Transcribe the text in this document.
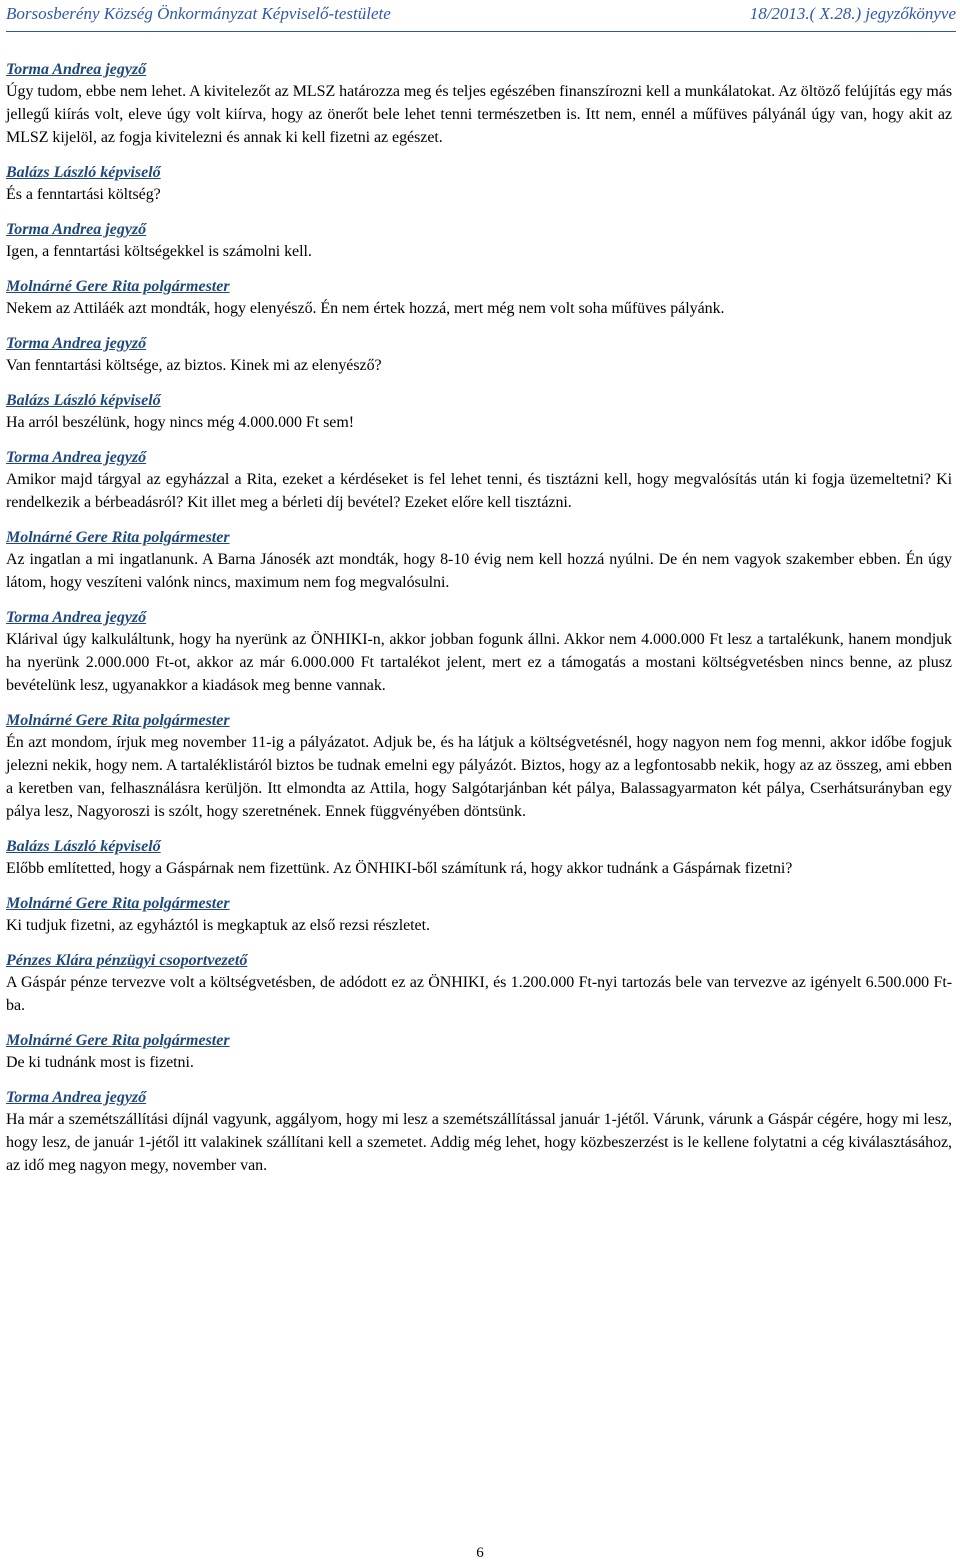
Borsosberény Község Önkormányzat Képviselő-testülete	18/2013.( X.28.) jegyzőkönyve
Torma Andrea jegyző

Úgy tudom, ebbe nem lehet. A kivitelezőt az MLSZ határozza meg és teljes egészében finanszírozni kell a munkálatokat. Az öltöző felújítás egy más jellegű kiírás volt, eleve úgy volt kiírva, hogy az önerőt bele lehet tenni természetben is. Itt nem, ennél a műfüves pályánál úgy van, hogy akit az MLSZ kijelöl, az fogja kivitelezni és annak ki kell fizetni az egészet.

Balázs László képviselő

És a fenntartási költség?

Torma Andrea jegyző

Igen, a fenntartási költségekkel is számolni kell.

Molnárné Gere Rita polgármester

Nekem az Attiláék azt mondták, hogy elenyésző. Én nem értek hozzá, mert még nem volt soha műfüves pályánk.

Torma Andrea jegyző

Van fenntartási költsége, az biztos. Kinek mi az elenyésző?

Balázs László képviselő

Ha arról beszélünk, hogy nincs még 4.000.000 Ft sem!

Torma Andrea jegyző

Amikor majd tárgyal az egyházzal a Rita, ezeket a kérdéseket is fel lehet tenni, és tisztázni kell, hogy megvalósítás után ki fogja üzemeltetni? Ki rendelkezik a bérbeadásról? Kit illet meg a bérleti díj bevétel? Ezeket előre kell tisztázni.

Molnárné Gere Rita polgármester

Az ingatlan a mi ingatlanunk. A Barna Jánosék azt mondták, hogy 8-10 évig nem kell hozzá nyúlni. De én nem vagyok szakember ebben. Én úgy látom, hogy veszíteni valónk nincs, maximum nem fog megvalósulni.

Torma Andrea jegyző

Klárival úgy kalkuláltunk, hogy ha nyerünk az ÖNHIKI-n, akkor jobban fogunk állni. Akkor nem 4.000.000 Ft lesz a tartalékunk, hanem mondjuk ha nyerünk 2.000.000 Ft-ot, akkor az már 6.000.000 Ft tartalékot jelent, mert ez a támogatás a mostani költségvetésben nincs benne, az plusz bevételünk lesz, ugyanakkor a kiadások meg benne vannak.

Molnárné Gere Rita polgármester

Én azt mondom, írjuk meg november 11-ig a pályázatot. Adjuk be, és ha látjuk a költségvetésnél, hogy nagyon nem fog menni, akkor időbe fogjuk jelezni nekik, hogy nem. A tartaléklistáról biztos be tudnak emelni egy pályázót. Biztos, hogy az a legfontosabb nekik, hogy az az összeg, ami ebben a keretben van, felhasználásra kerüljön. Itt elmondta az Attila, hogy Salgótarjánban két pálya, Balassagyarmaton két pálya, Cserhátsurányban egy pálya lesz, Nagyoroszi is szólt, hogy szeretnének. Ennek függvényében döntsünk.

Balázs László képviselő

Előbb említetted, hogy a Gáspárnak nem fizettünk. Az ÖNHIKI-ből számítunk rá, hogy akkor tudnánk a Gáspárnak fizetni?

Molnárné Gere Rita polgármester

Ki tudjuk fizetni, az egyháztól is megkaptuk az első rezsi részletet.

Pénzes Klára pénzügyi csoportvezető

A Gáspár pénze tervezve volt a költségvetésben, de adódott ez az ÖNHIKI, és 1.200.000 Ft-nyi tartozás bele van tervezve az igényelt 6.500.000 Ft-ba.

Molnárné Gere Rita polgármester

De ki tudnánk most is fizetni.

Torma Andrea jegyző

Ha már a szemétszállítási díjnál vagyunk, aggályom, hogy mi lesz a szemétszállítással január 1-jétől. Várunk, várunk a Gáspár cégére, hogy mi lesz, hogy lesz, de január 1-jétől itt valakinek szállítani kell a szemetet. Addig még lehet, hogy közbeszerzést is le kellene folytatni a cég kiválasztásához, az idő meg nagyon megy, november van.

6
